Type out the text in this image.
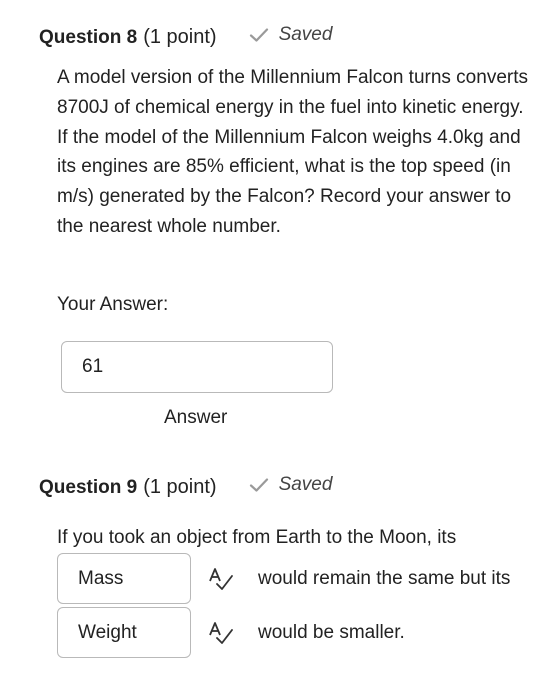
Question 8 (1 point)	Saved

A model version of the Millennium Falcon turns converts 8700J of chemical energy in the fuel into kinetic energy. If the model of the Millennium Falcon weighs 4.0kg and its engines are 85% efficient, what is the top speed (in m/s) generated by the Falcon? Record your answer to the nearest whole number.

Your Answer:
61
Answer
Question 9 (1 point)	Saved
If you took an object from Earth to the Moon, its
Mass	would remain the same but its
Weight	would be smaller.
